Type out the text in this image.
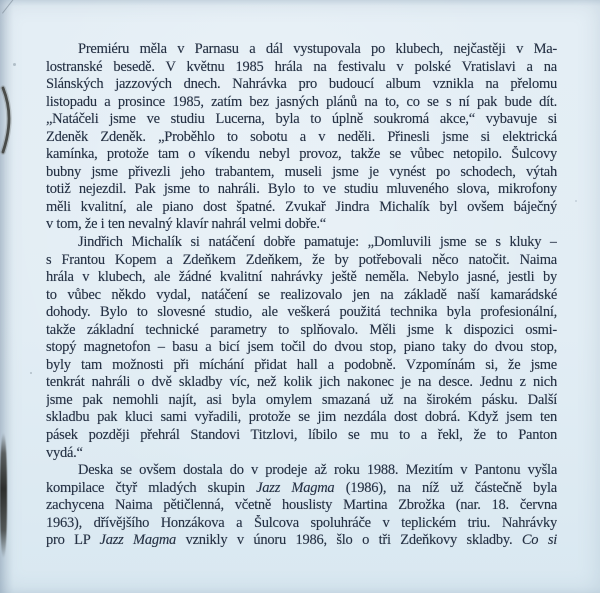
Premiéru měla v Parnasu a dál vystupovala po klubech, nejčastěji v Ma-
lostranské besedě. V květnu 1985 hrála na festivalu v polské Vratislavi a na
Slánských jazzových dnech. Nahrávka pro budoucí album vznikla na přelomu
listopadu a prosince 1985, zatím bez jasných plánů na to, co se s ní pak bude dít.
„Natáčeli jsme ve studiu Lucerna, byla to úplně soukromá akce,“ vybavuje si
Zdeněk Zdeněk. „Proběhlo to sobotu a v neděli. Přinesli jsme si elektrická
kamínka, protože tam o víkendu nebyl provoz, takže se vůbec netopilo. Šulcovy
bubny jsme přivezli jeho trabantem, museli jsme je vynést po schodech, výtah
totiž nejezdil. Pak jsme to nahráli. Bylo to ve studiu mluveného slova, mikrofony
měli kvalitní, ale piano dost špatné. Zvukař Jindra Michalík byl ovšem báječný
v tom, že i ten nevalný klavír nahrál velmi dobře.“
Jindřich Michalík si natáčení dobře pamatuje: „Domluvili jsme se s kluky –
s Frantou Kopem a Zdeňkem Zdeňkem, že by potřebovali něco natočit. Naima
hrála v klubech, ale žádné kvalitní nahrávky ještě neměla. Nebylo jasné, jestli by
to vůbec někdo vydal, natáčení se realizovalo jen na základě naší kamarádské
dohody. Bylo to slovesné studio, ale veškerá použitá technika byla profesionální,
takže základní technické parametry to splňovalo. Měli jsme k dispozici osmi-
stopý magnetofon – basu a bicí jsem točil do dvou stop, piano taky do dvou stop,
byly tam možnosti při míchání přidat hall a podobně. Vzpomínám si, že jsme
tenkrát nahráli o dvě skladby víc, než kolik jich nakonec je na desce. Jednu z nich
jsme pak nemohli najít, asi byla omylem smazaná už na širokém pásku. Další
skladbu pak kluci sami vyřadili, protože se jim nezdála dost dobrá. Když jsem ten
pásek později přehrál Standovi Titzlovi, líbilo se mu to a řekl, že to Panton
vydá.“
Deska se ovšem dostala do v prodeje až roku 1988. Mezitím v Pantonu vyšla
kompilace čtyř mladých skupin Jazz Magma (1986), na níž už částečně byla
zachycena Naima pětičlenná, včetně houslisty Martina Zbrožka (nar. 18. června
1963), dřívějšího Honzákova a Šulcova spoluhráče v teplickém triu. Nahrávky
pro LP Jazz Magma vznikly v únoru 1986, šlo o tři Zdeňkovy skladby. Co si
